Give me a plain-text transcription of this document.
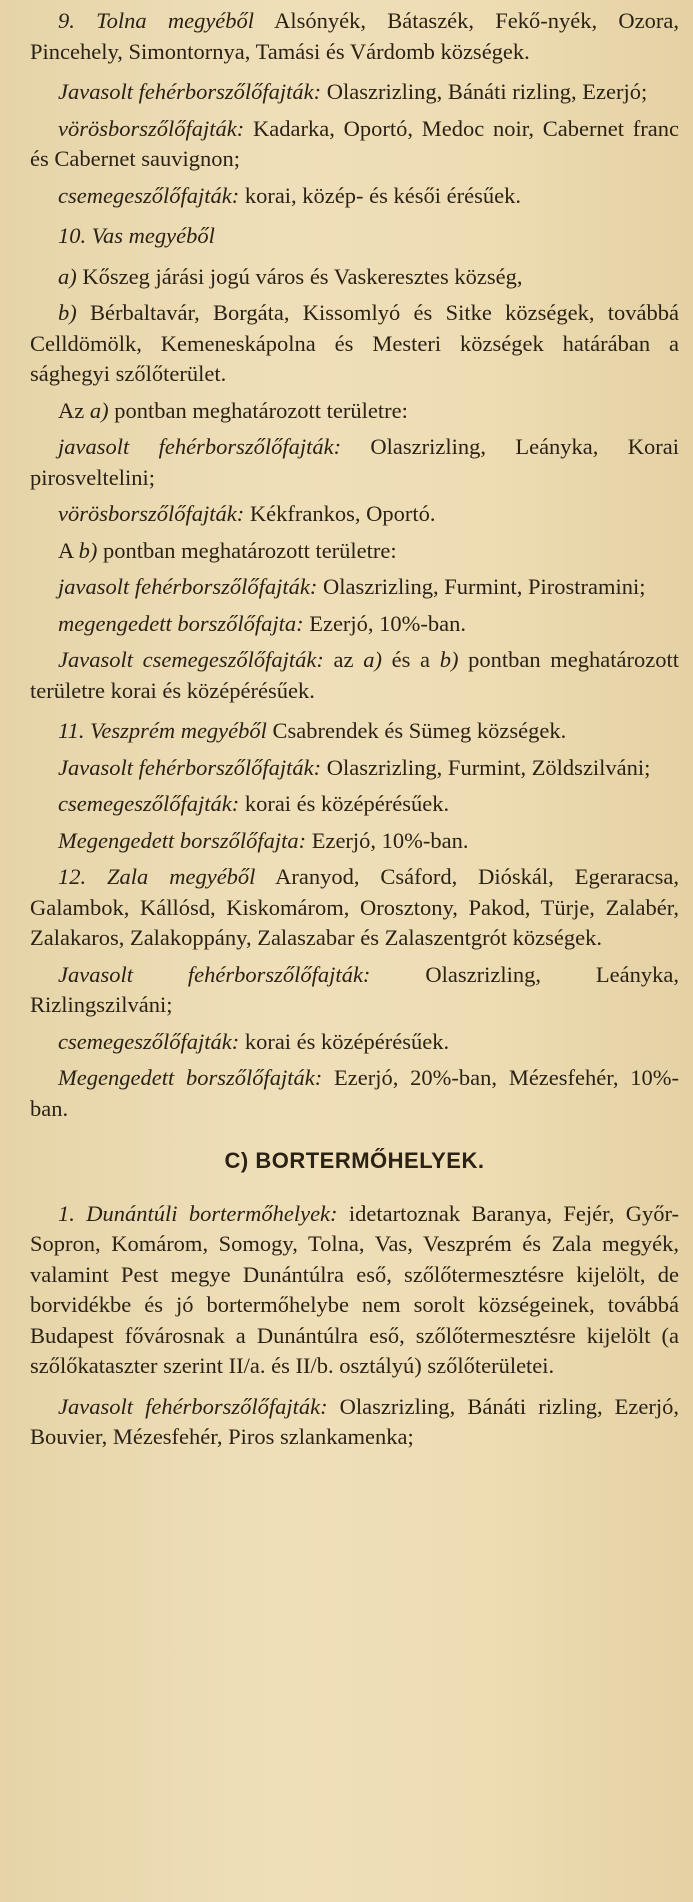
9. Tolna megyéből Alsónyék, Bátaszék, Fekő-nyék, Ozora, Pincehely, Simontornya, Tamási és Várdomb községek.

Javasolt fehérborszőlőfajták: Olaszrizling, Bánáti rizling, Ezerjó;

vörösborszőlőfajták: Kadarka, Oportó, Medoc noir, Cabernet franc és Cabernet sauvignon;

csemegeszőlőfajták: korai, közép- és késői érésűek.

10. Vas megyéből

a) Kőszeg járási jogú város és Vaskeresztes község,

b) Bérbaltavár, Borgáta, Kissomlyó és Sitke községek, továbbá Celldömölk, Kemeneskápolna és Mesteri községek határában a sághegyi szőlőterület.

Az a) pontban meghatározott területre:

javasolt fehérborszőlőfajták: Olaszrizling, Leányka, Korai pirosveltelini;

vörösborszőlőfajták: Kékfrankos, Oportó.

A b) pontban meghatározott területre:

javasolt fehérborszőlőfajták: Olaszrizling, Furmint, Pirostramini;

megengedett borszőlőfajta: Ezerjó, 10%-ban.

Javasolt csemegeszőlőfajták: az a) és a b) pontban meghatározott területre korai és középérésűek.

11. Veszprém megyéből Csabrendek és Sümeg községek.

Javasolt fehérborszőlőfajták: Olaszrizling, Furmint, Zöldszilváni;

csemegeszőlőfajták: korai és középérésűek.

Megengedett borszőlőfajta: Ezerjó, 10%-ban.

12. Zala megyéből Aranyod, Csáford, Dióskál, Egeraracsa, Galambok, Kállósd, Kiskomárom, Orosztony, Pakod, Türje, Zalabér, Zalakaros, Zalakoppány, Zalaszabar és Zalaszentgrót községek.

Javasolt fehérborszőlőfajták: Olaszrizling, Leányka, Rizlingszilváni;

csemegeszőlőfajták: korai és középérésűek.

Megengedett borszőlőfajták: Ezerjó, 20%-ban, Mézesfehér, 10%-ban.

C) BORTERMŐHELYEK.

1. Dunántúli bortermőhelyek: idetartoznak Baranya, Fejér, Győr-Sopron, Komárom, Somogy, Tolna, Vas, Veszprém és Zala megyék, valamint Pest megye Dunántúlra eső, szőlőtermesztésre kijelölt, de borvidékbe és jó bortermőhelybe nem sorolt községeinek, továbbá Budapest fővárosnak a Dunántúlra eső, szőlőtermesztésre kijelölt (a szőlőkataszter szerint II/a. és II/b. osztályú) szőlőterületei.

Javasolt fehérborszőlőfajták: Olaszrizling, Bánáti rizling, Ezerjó, Bouvier, Mézesfehér, Piros szlankamenka;
